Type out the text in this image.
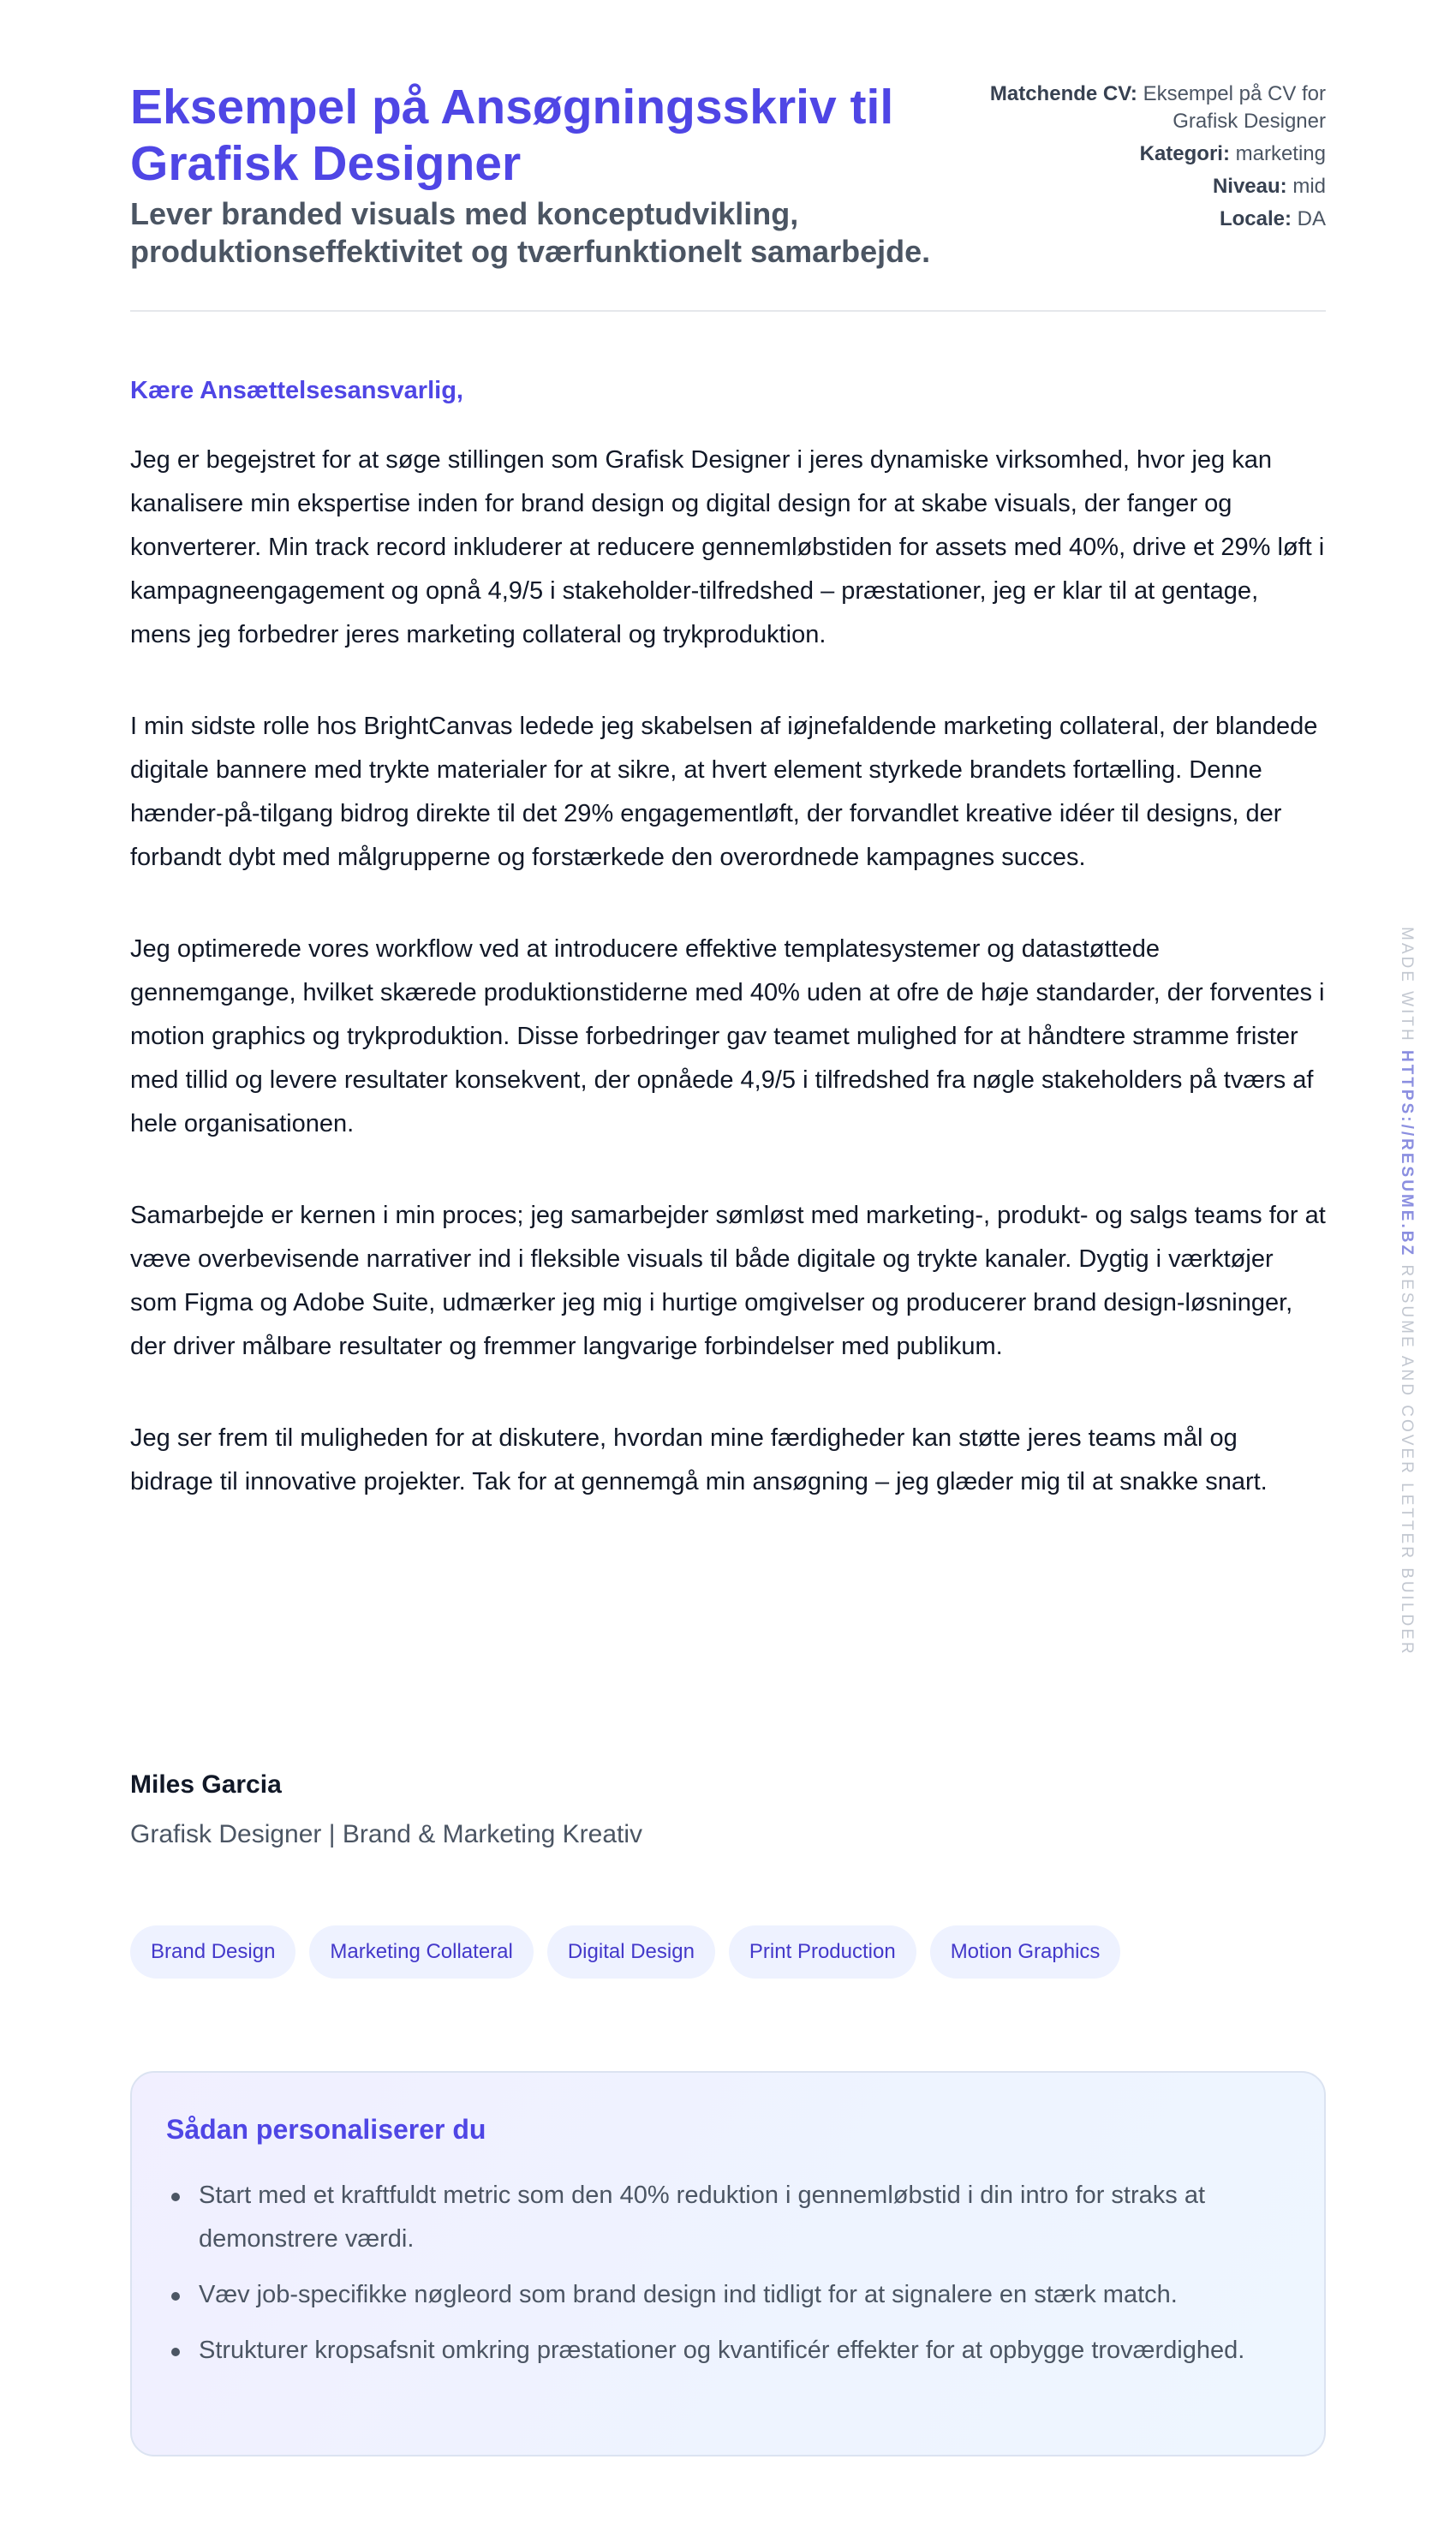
Eksempel på Ansøgningsskriv til Grafisk Designer
Lever branded visuals med konceptudvikling, produktionseffektivitet og tværfunktionelt samarbejde.
Matchende CV: Eksempel på CV for Grafisk Designer
Kategori: marketing
Niveau: mid
Locale: DA
Kære Ansættelsesansvarlig,

Jeg er begejstret for at søge stillingen som Grafisk Designer i jeres dynamiske virksomhed, hvor jeg kan kanalisere min ekspertise inden for brand design og digital design for at skabe visuals, der fanger og konverterer. Min track record inkluderer at reducere gennemløbstiden for assets med 40%, drive et 29% løft i kampagneengagement og opnå 4,9/5 i stakeholder-tilfredshed – præstationer, jeg er klar til at gentage, mens jeg forbedrer jeres marketing collateral og trykproduktion.

I min sidste rolle hos BrightCanvas ledede jeg skabelsen af iøjnefaldende marketing collateral, der blandede digitale bannere med trykte materialer for at sikre, at hvert element styrkede brandets fortælling. Denne hænder-på-tilgang bidrog direkte til det 29% engagementløft, der forvandlet kreative idéer til designs, der forbandt dybt med målgrupperne og forstærkede den overordnede kampagnes succes.

Jeg optimerede vores workflow ved at introducere effektive templatesystemer og datastøttede gennemgange, hvilket skærede produktionstiderne med 40% uden at ofre de høje standarder, der forventes i motion graphics og trykproduktion. Disse forbedringer gav teamet mulighed for at håndtere stramme frister med tillid og levere resultater konsekvent, der opnåede 4,9/5 i tilfredshed fra nøgle stakeholders på tværs af hele organisationen.

Samarbejde er kernen i min proces; jeg samarbejder sømløst med marketing-, produkt- og salgs teams for at væve overbevisende narrativer ind i fleksible visuals til både digitale og trykte kanaler. Dygtig i værktøjer som Figma og Adobe Suite, udmærker jeg mig i hurtige omgivelser og producerer brand design-løsninger, der driver målbare resultater og fremmer langvarige forbindelser med publikum.

Jeg ser frem til muligheden for at diskutere, hvordan mine færdigheder kan støtte jeres teams mål og bidrage til innovative projekter. Tak for at gennemgå min ansøgning – jeg glæder mig til at snakke snart.

Miles Garcia
Grafisk Designer | Brand & Marketing Kreativ
Brand Design	Marketing Collateral	Digital Design	Print Production	Motion Graphics
Sådan personaliserer du
Start med et kraftfuldt metric som den 40% reduktion i gennemløbstid i din intro for straks at demonstrere værdi.
Væv job-specifikke nøgleord som brand design ind tidligt for at signalere en stærk match.
Strukturer kropsafsnit omkring præstationer og kvantificér effekter for at opbygge troværdighed.
MADE WITH HTTPS://RESUME.BZ RESUME AND COVER LETTER BUILDER
